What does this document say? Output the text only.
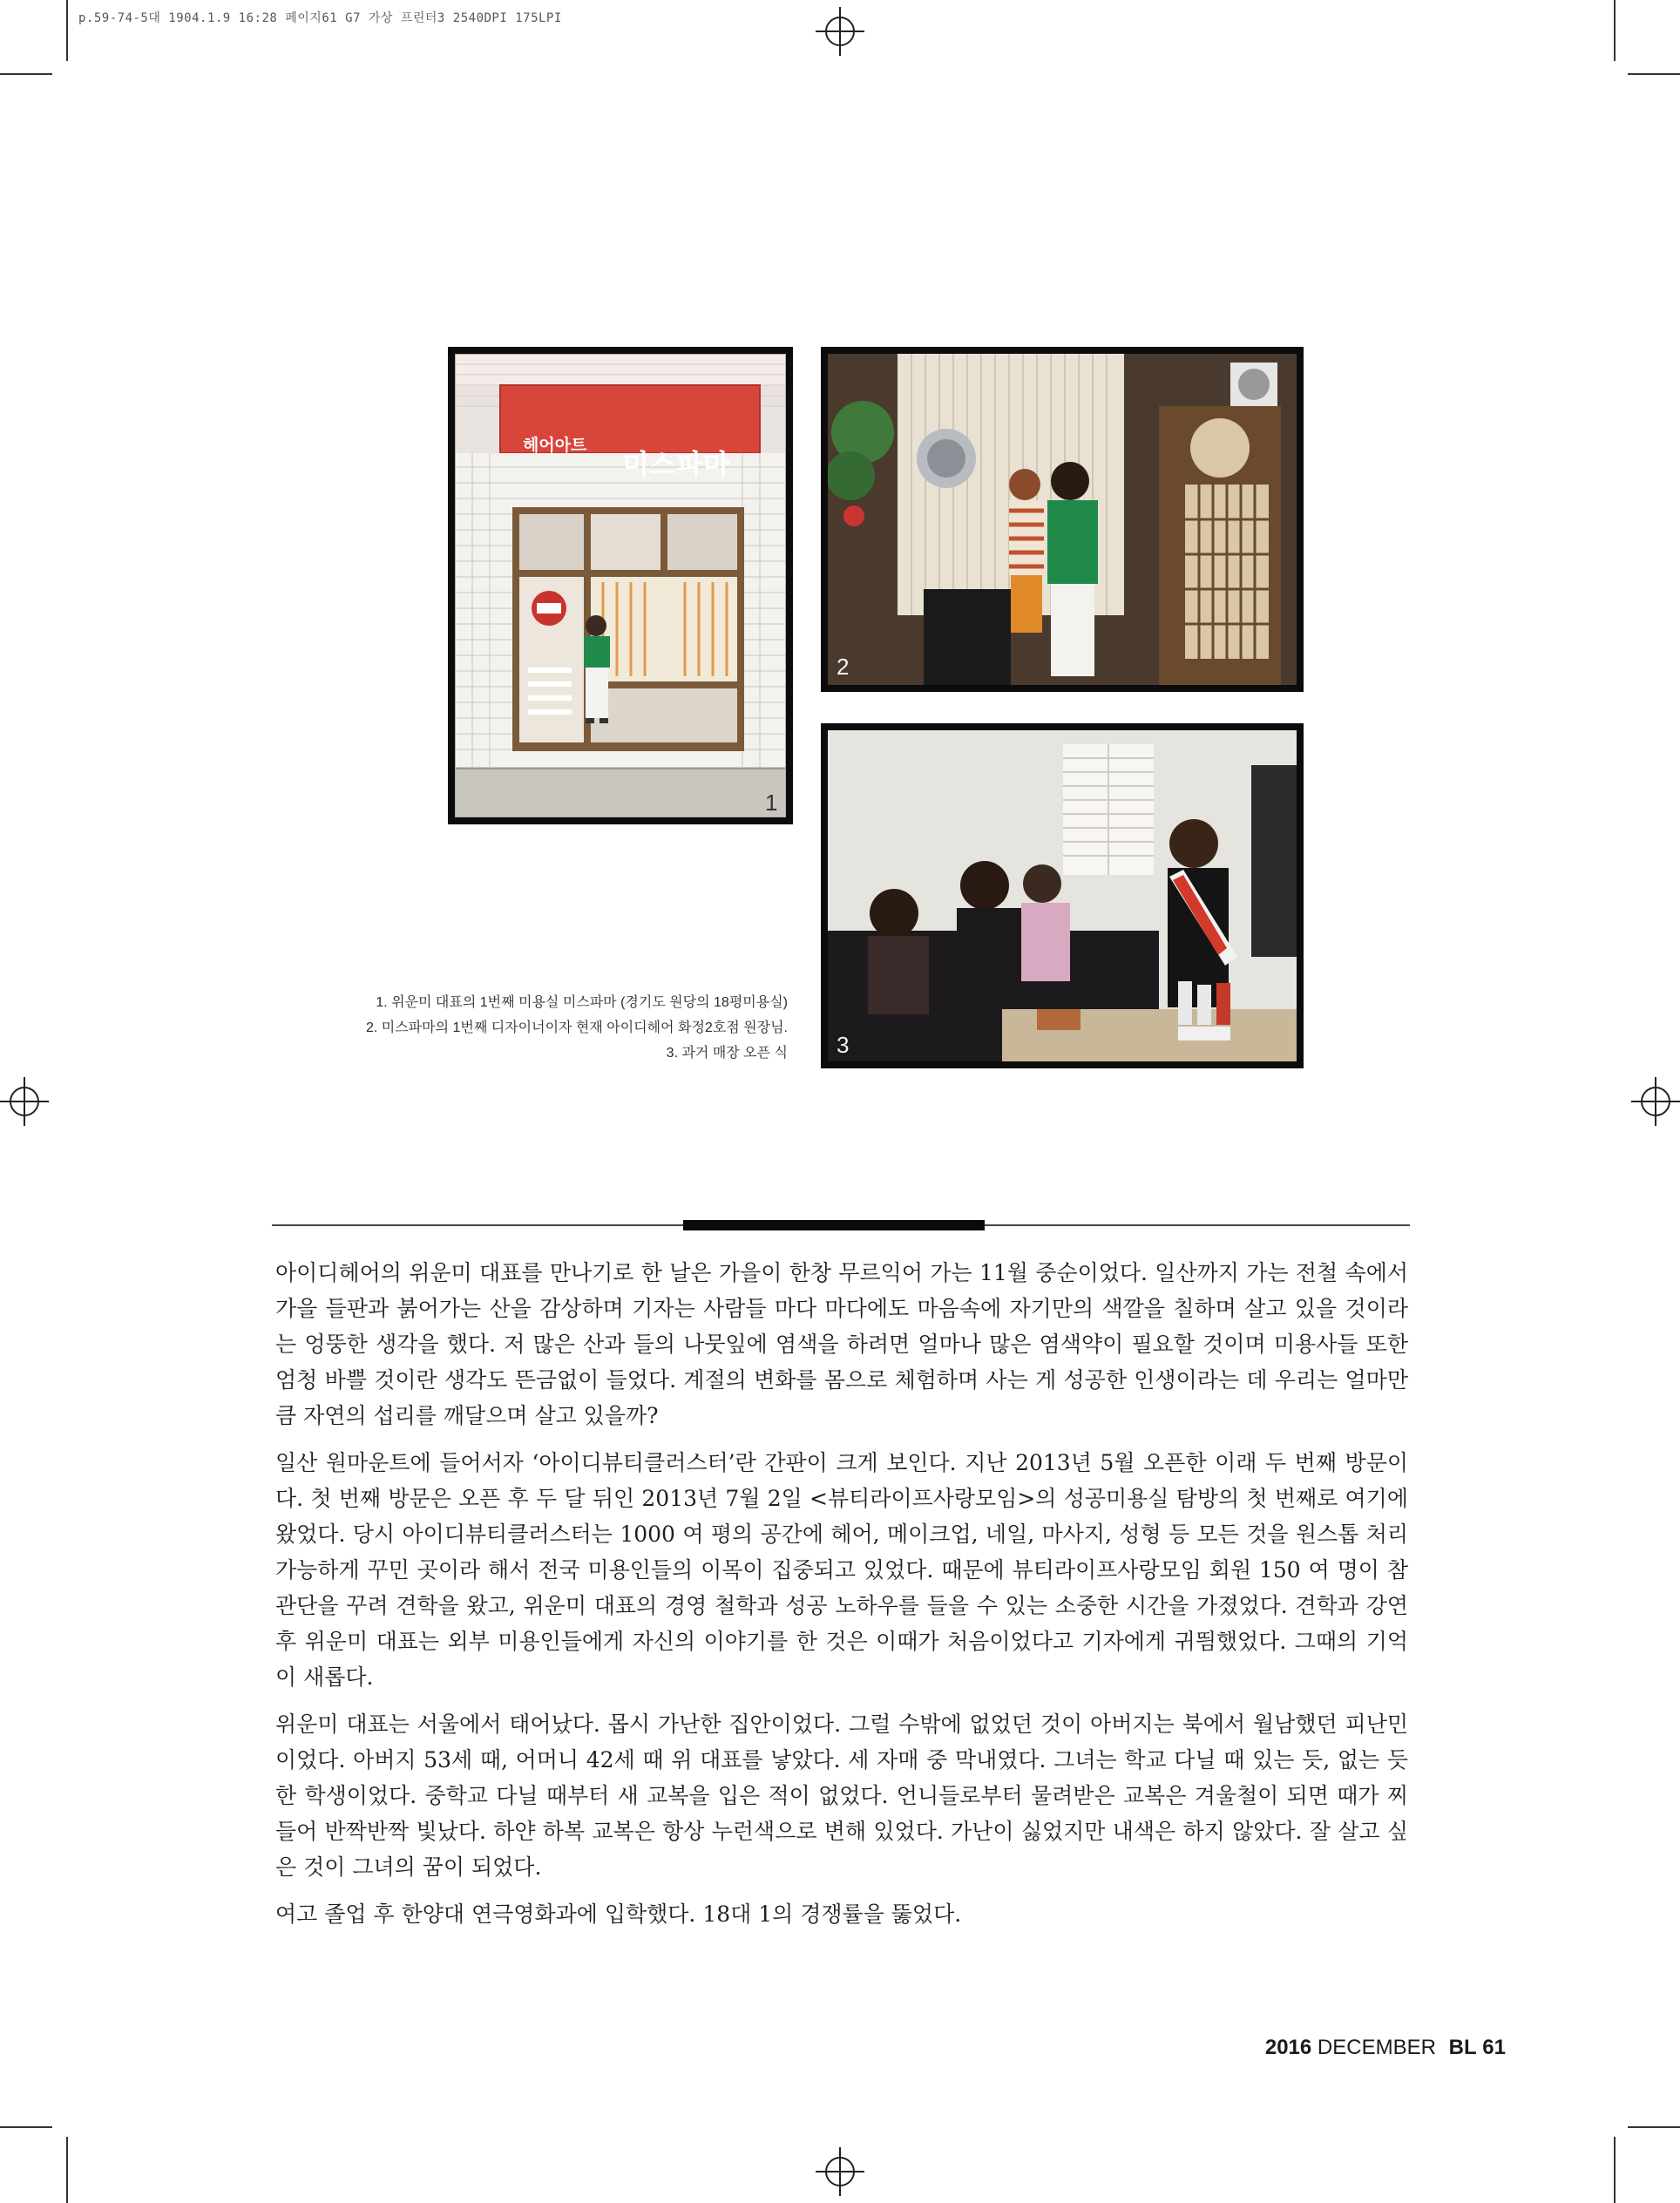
p.59-74-5대 1904.1.9 16:28 페이지61 G7 가상 프린터3 2540DPI 175LPI
헤어아트
미스파마
1
2
3
1. 위운미 대표의 1번째 미용실 미스파마 (경기도 원당의 18평미용실)
2. 미스파마의 1번째 디자이너이자 현재 아이디헤어 화정2호점 원장님.
3. 과거 매장 오픈 식

아이디헤어의 위운미 대표를 만나기로 한 날은 가을이 한창 무르익어 가는 11월 중순이었다. 일산까지 가는 전철 속에서 가을 들판과 붉어가는 산을 감상하며 기자는 사람들 마다 마다에도 마음속에 자기만의 색깔을 칠하며 살고 있을 것이라는 엉뚱한 생각을 했다. 저 많은 산과 들의 나뭇잎에 염색을 하려면 얼마나 많은 염색약이 필요할 것이며 미용사들 또한 엄청 바쁠 것이란 생각도 뜬금없이 들었다. 계절의 변화를 몸으로 체험하며 사는 게 성공한 인생이라는 데 우리는 얼마만큼 자연의 섭리를 깨달으며 살고 있을까?

일산 원마운트에 들어서자 ‘아이디뷰티클러스터’란 간판이 크게 보인다. 지난 2013년 5월 오픈한 이래 두 번째 방문이다. 첫 번째 방문은 오픈 후 두 달 뒤인 2013년 7월 2일 <뷰티라이프사랑모임>의 성공미용실 탐방의 첫 번째로 여기에 왔었다. 당시 아이디뷰티클러스터는 1000 여 평의 공간에 헤어, 메이크업, 네일, 마사지, 성형 등 모든 것을 원스톱 처리 가능하게 꾸민 곳이라 해서 전국 미용인들의 이목이 집중되고 있었다. 때문에 뷰티라이프사랑모임 회원 150 여 명이 참관단을 꾸려 견학을 왔고, 위운미 대표의 경영 철학과 성공 노하우를 들을 수 있는 소중한 시간을 가졌었다. 견학과 강연 후 위운미 대표는 외부 미용인들에게 자신의 이야기를 한 것은 이때가 처음이었다고 기자에게 귀띔했었다. 그때의 기억이 새롭다.

위운미 대표는 서울에서 태어났다. 몹시 가난한 집안이었다. 그럴 수밖에 없었던 것이 아버지는 북에서 월남했던 피난민이었다. 아버지 53세 때, 어머니 42세 때 위 대표를 낳았다. 세 자매 중 막내였다. 그녀는 학교 다닐 때 있는 듯, 없는 듯한 학생이었다. 중학교 다닐 때부터 새 교복을 입은 적이 없었다. 언니들로부터 물려받은 교복은 겨울철이 되면 때가 찌들어 반짝반짝 빛났다. 하얀 하복 교복은 항상 누런색으로 변해 있었다. 가난이 싫었지만 내색은 하지 않았다. 잘 살고 싶은 것이 그녀의 꿈이 되었다.

여고 졸업 후 한양대 연극영화과에 입학했다. 18대 1의 경쟁률을 뚫었다.

2016 DECEMBER BL 61
